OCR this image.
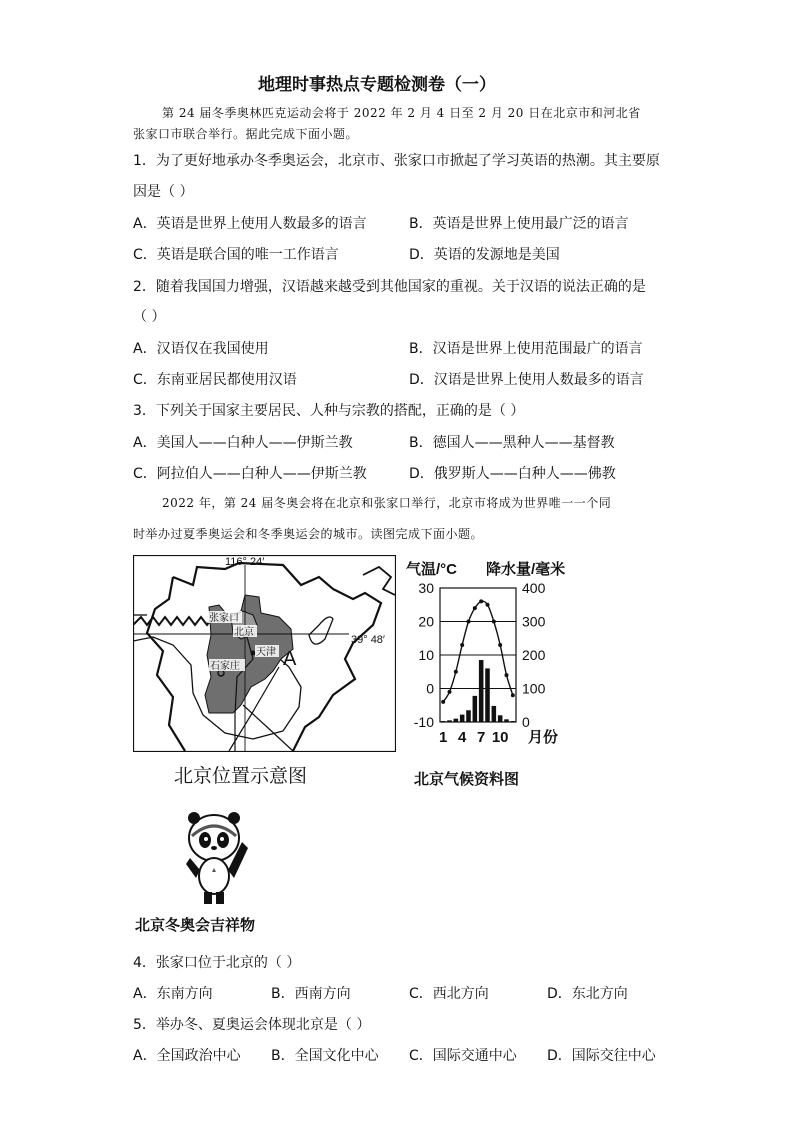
地理时事热点专题检测卷（一）
第 24 届冬季奥林匹克运动会将于 2022 年 2 月 4 日至 2 月 20 日在北京市和河北省
张家口市联合举行。据此完成下面小题。
1．为了更好地承办冬季奥运会，北京市、张家口市掀起了学习英语的热潮。其主要原
因是（ ）
A．英语是世界上使用人数最多的语言	B．英语是世界上使用最广泛的语言
C．英语是联合国的唯一工作语言	D．英语的发源地是美国
2．随着我国国力增强，汉语越来越受到其他国家的重视。关于汉语的说法正确的是
（ ）
A．汉语仅在我国使用	B．汉语是世界上使用范围最广的语言
C．东南亚居民都使用汉语	D．汉语是世界上使用人数最多的语言
3．下列关于国家主要居民、人种与宗教的搭配，正确的是（ ）
A．美国人——白种人——伊斯兰教	B．德国人——黑种人——基督教
C．阿拉伯人——白种人——伊斯兰教	D．俄罗斯人——白种人——佛教
2022 年，第 24 届冬奥会将在北京和张家口举行，北京市将成为世界唯一一个同
时举办过夏季奥运会和冬季奥运会的城市。读图完成下面小题。
116° 24′
39° 48′
张家口
北京
天津
石家庄 A
北京位置示意图
气温/°C 降水量/毫米
月份
-10
0
10
20
30
0
100
200
300
400
1 4 7 10
北京气候资料图
北京冬奥会吉祥物
4．张家口位于北京的（ ）
A．东南方向	B．西南方向	C．西北方向	D．东北方向
5．举办冬、夏奥运会体现北京是（ ）
A．全国政治中心 B．全国文化中心 C．国际交通中心 D．国际交往中心
